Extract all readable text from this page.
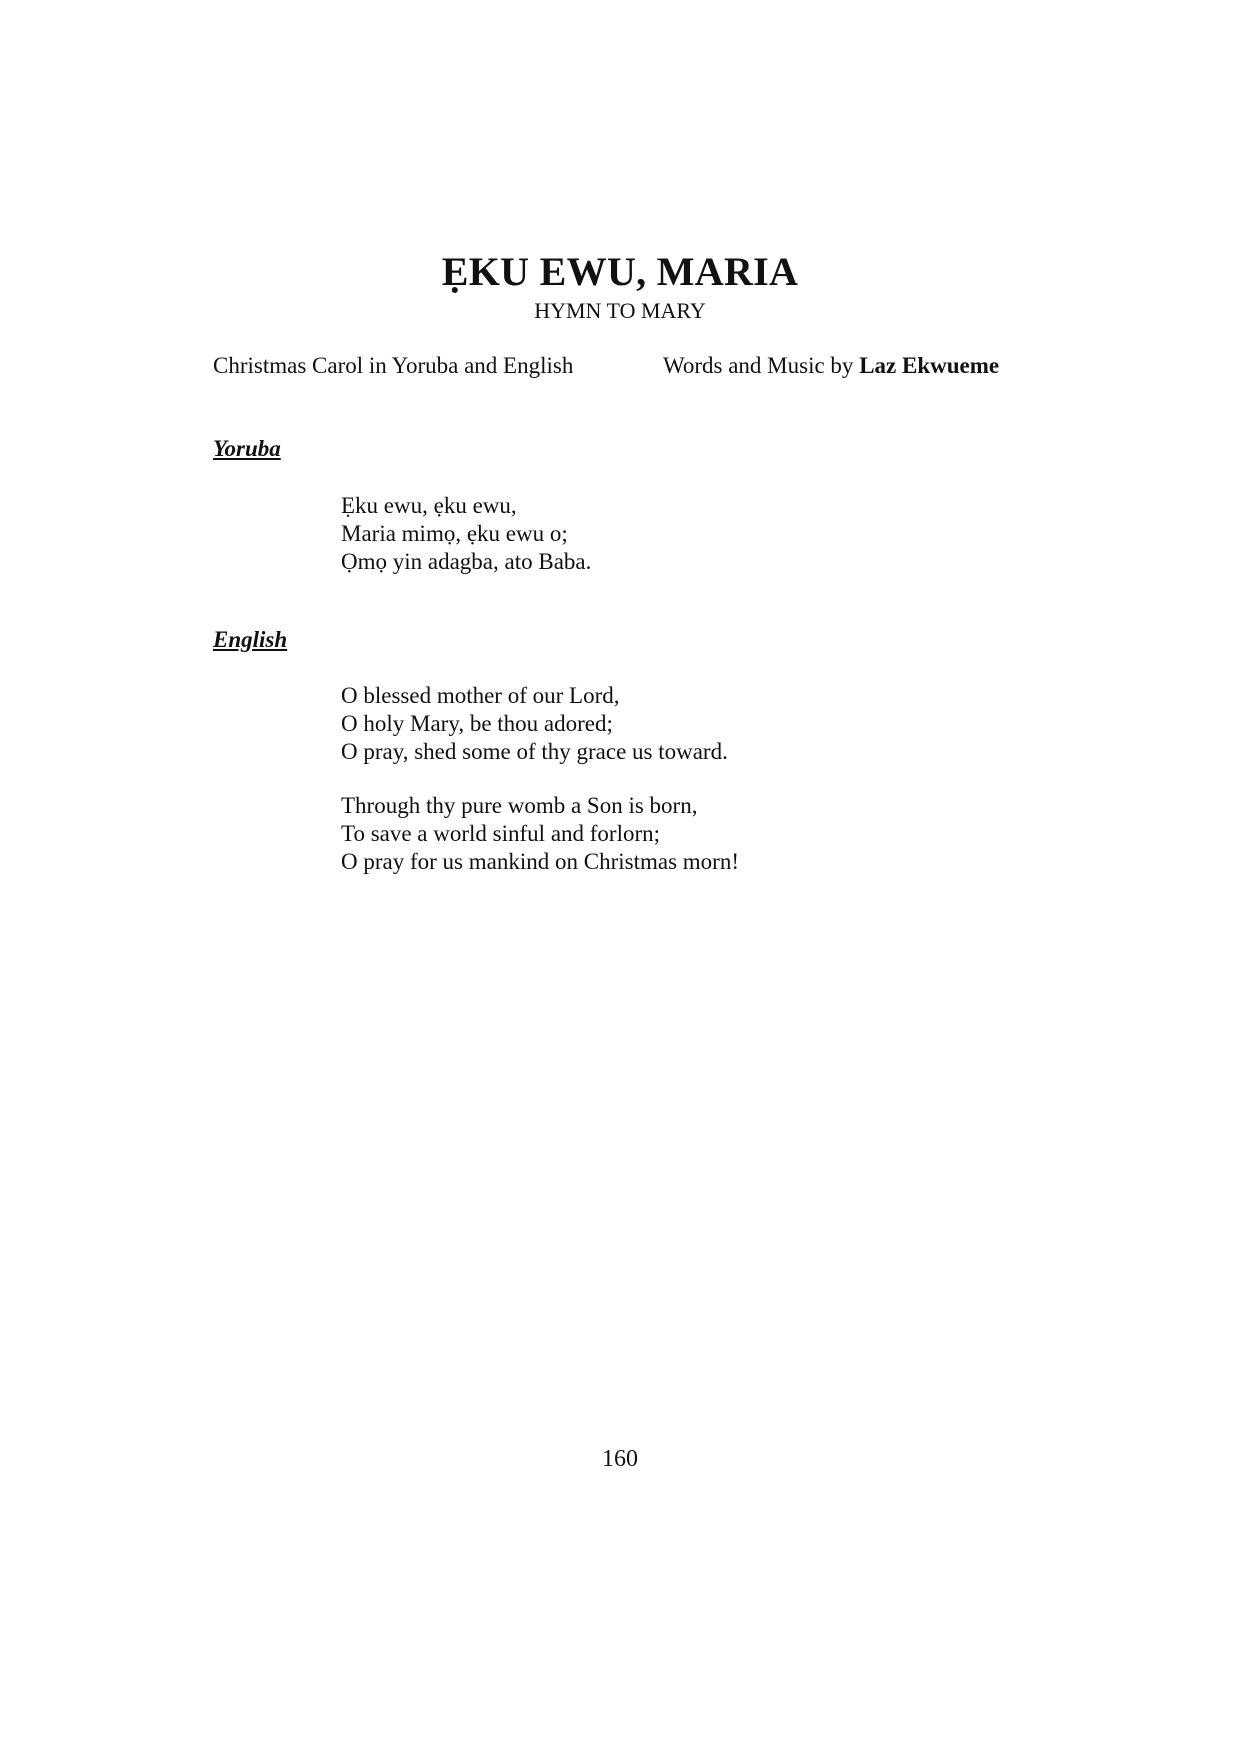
ẸKU EWU, MARIA
HYMN TO MARY
Christmas Carol in Yoruba and English	Words and Music by Laz Ekwueme
Yoruba
Ẹku ewu, ẹku ewu,
Maria mimọ, ẹku ewu o;
Ọmọ yin adagba, ato Baba.
English
O blessed mother of our Lord,
O holy Mary, be thou adored;
O pray, shed some of thy grace us toward.
Through thy pure womb a Son is born,
To save a world sinful and forlorn;
O pray for us mankind on Christmas morn!
160
